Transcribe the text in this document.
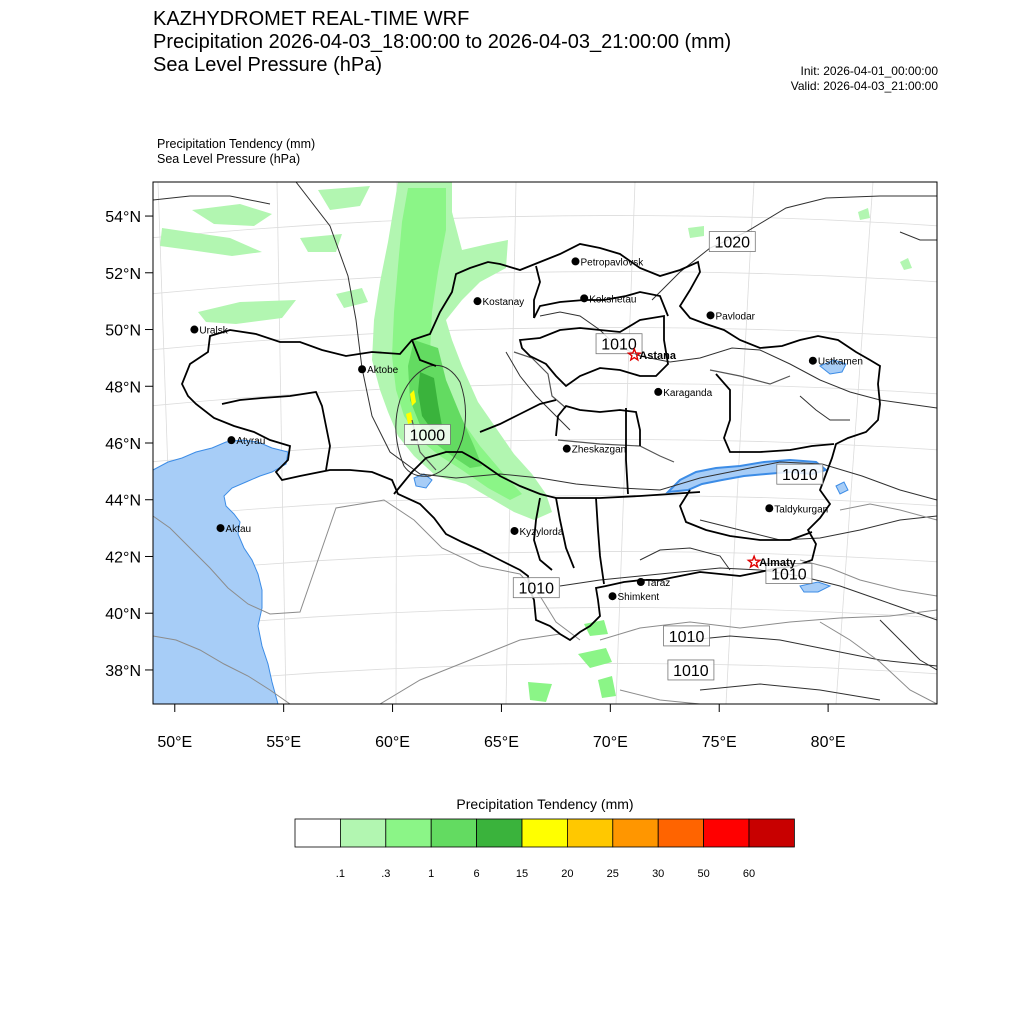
KAZHYDROMET REAL-TIME WRF
Precipitation 2026-04-03_18:00:00 to 2026-04-03_21:00:00 (mm)
Sea Level Pressure (hPa)	Init: 2026-04-01_00:00:00
Valid: 2026-04-03_21:00:00
Precipitation Tendency (mm)
Sea Level Pressure (hPa)
54°N
52°N
50°N
48°N
46°N
44°N
42°N
40°N
38°N
50°E	55°E	60°E	65°E	70°E	75°E	80°E
1020
1010
1000
1010
1010
1010
1010
1010
Petropavlovsk
Kostanay	Kokshetau
Pavlodar
Uralsk
Astana
Ustkamen
Aktobe
Karaganda
Atyrau
Zheskazgan
Taldykurgan
Aktau	Kyzylorda
Almaty
Taraz
Shimkent
.1	.3	1	6	15	20	25	30	50	60
Precipitation Tendency (mm)
